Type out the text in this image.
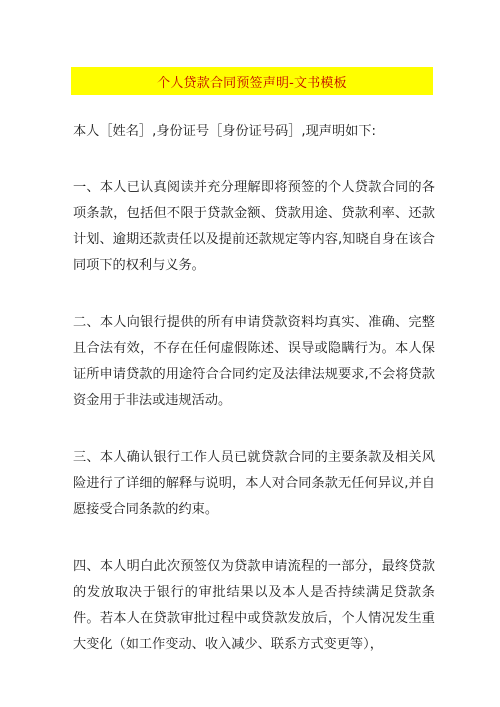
个人贷款合同预签声明-文书模板

本人［姓名］,身份证号［身份证号码］,现声明如下:

一、本人已认真阅读并充分理解即将预签的个人贷款合同的各项条款，包括但不限于贷款金额、贷款用途、贷款利率、还款计划、逾期还款责任以及提前还款规定等内容,知晓自身在该合同项下的权利与义务。

二、本人向银行提供的所有申请贷款资料均真实、准确、完整且合法有效，不存在任何虚假陈述、误导或隐瞒行为。本人保证所申请贷款的用途符合合同约定及法律法规要求,不会将贷款资金用于非法或违规活动。

三、本人确认银行工作人员已就贷款合同的主要条款及相关风险进行了详细的解释与说明，本人对合同条款无任何异议,并自愿接受合同条款的约束。

四、本人明白此次预签仅为贷款申请流程的一部分，最终贷款的发放取决于银行的审批结果以及本人是否持续满足贷款条件。若本人在贷款审批过程中或贷款发放后，个人情况发生重大变化（如工作变动、收入减少、联系方式变更等），
